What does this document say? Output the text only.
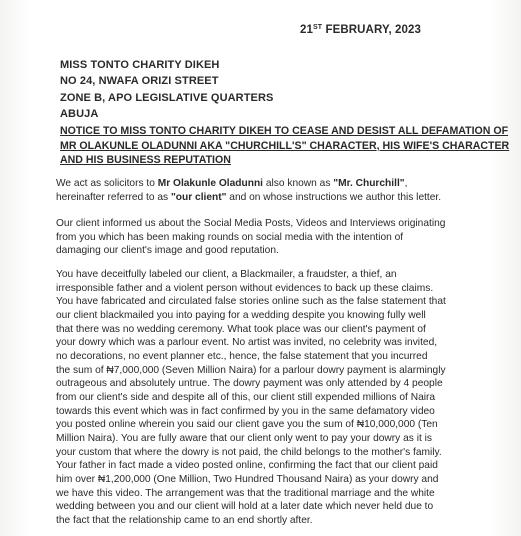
21ST FEBRUARY, 2023
MISS TONTO CHARITY DIKEH
NO 24, NWAFA ORIZI STREET
ZONE B, APO LEGISLATIVE QUARTERS
ABUJA
NOTICE TO MISS TONTO CHARITY DIKEH TO CEASE AND DESIST ALL DEFAMATION OF
MR OLAKUNLE OLADUNNI AKA "CHURCHILL'S" CHARACTER, HIS WIFE'S CHARACTER
AND HIS BUSINESS REPUTATION
We act as solicitors to Mr Olakunle Oladunni also known as "Mr. Churchill",
hereinafter referred to as "our client" and on whose instructions we author this letter.
Our client informed us about the Social Media Posts, Videos and Interviews originating
from you which has been making rounds on social media with the intention of
damaging our client's image and good reputation.
You have deceitfully labeled our client, a Blackmailer, a fraudster, a thief, an
irresponsible father and a violent person without evidences to back up these claims.
You have fabricated and circulated false stories online such as the false statement that
our client blackmailed you into paying for a wedding despite you knowing fully well
that there was no wedding ceremony. What took place was our client's payment of
your dowry which was a parlour event. No artist was invited, no celebrity was invited,
no decorations, no event planner etc., hence, the false statement that you incurred
the sum of ₦7,000,000 (Seven Million Naira) for a parlour dowry payment is alarmingly
outrageous and absolutely untrue. The dowry payment was only attended by 4 people
from our client's side and despite all of this, our client still expended millions of Naira
towards this event which was in fact confirmed by you in the same defamatory video
you posted online wherein you said our client gave you the sum of ₦10,000,000 (Ten
Million Naira). You are fully aware that our client only went to pay your dowry as it is
your custom that where the dowry is not paid, the child belongs to the mother's family.
Your father in fact made a video posted online, confirming the fact that our client paid
him over ₦1,200,000 (One Million, Two Hundred Thousand Naira) as your dowry and
we have this video. The arrangement was that the traditional marriage and the white
wedding between you and our client will hold at a later date which never held due to
the fact that the relationship came to an end shortly after.
